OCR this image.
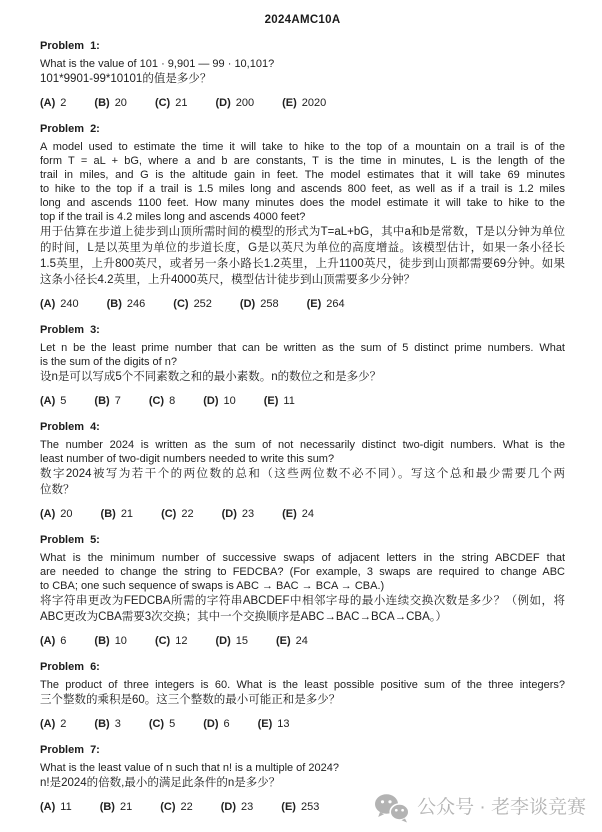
2024AMC10A
Problem 1:
What is the value of 101 · 9,901 — 99 · 10,101?
101*9901-99*10101的值是多少？
(A) 2	(B) 20	(C) 21	(D) 200	(E) 2020
Problem 2:
A model used to estimate the time it will take to hike to the top of a mountain on a trail is of the
form T = aL + bG, where a and b are constants, T is the time in minutes, L is the length of the
trail in miles, and G is the altitude gain in feet. The model estimates that it will take 69 minutes
to hike to the top if a trail is 1.5 miles long and ascends 800 feet, as well as if a trail is 1.2 miles
long and ascends 1100 feet. How many minutes does the model estimate it will take to hike to the
top if the trail is 4.2 miles long and ascends 4000 feet?
用于估算在步道上徒步到山顶所需时间的模型的形式为T=aL+bG，其中a和b是常数，T是以分钟为单位
的时间，L是以英里为单位的步道长度，G是以英尺为单位的高度增益。该模型估计，如果一条小径长
1.5英里，上升800英尺，或者另一条小路长1.2英里，上升1100英尺，徒步到山顶都需要69分钟。如果
这条小径长4.2英里，上升4000英尺，模型估计徒步到山顶需要多少分钟？
(A) 240	(B) 246	(C) 252	(D) 258	(E) 264
Problem 3:
Let n be the least prime number that can be written as the sum of 5 distinct prime numbers. What
is the sum of the digits of n?
设n是可以写成5个不同素数之和的最小素数。n的数位之和是多少？
(A) 5	(B) 7	(C) 8	(D) 10	(E) 11
Problem 4:
The number 2024 is written as the sum of not necessarily distinct two-digit numbers. What is the
least number of two-digit numbers needed to write this sum?
数字2024被写为若干个的两位数的总和（这些两位数不必不同）。写这个总和最少需要几个两
位数？
(A) 20	(B) 21	(C) 22	(D) 23	(E) 24
Problem 5:
What is the minimum number of successive swaps of adjacent letters in the string ABCDEF that
are needed to change the string to FEDCBA? (For example, 3 swaps are required to change ABC
to CBA; one such sequence of swaps is ABC → BAC → BCA → CBA.)
将字符串更改为FEDCBA所需的字符串ABCDEF中相邻字母的最小连续交换次数是多少？（例如，将
ABC更改为CBA需要3次交换；其中一个交换顺序是ABC→BAC→BCA→CBA。）
(A) 6	(B) 10	(C) 12	(D) 15	(E) 24
Problem 6:
The product of three integers is 60. What is the least possible positive sum of the three integers?
三个整数的乘积是60。这三个整数的最小可能正和是多少？
(A) 2	(B) 3	(C) 5	(D) 6	(E) 13
Problem 7:
What is the least value of n such that n! is a multiple of 2024?
n!是2024的倍数,最小的满足此条件的n是多少？
(A) 11	(B) 21	(C) 22	(D) 23	(E) 253	公众号 · 老李谈竞赛
